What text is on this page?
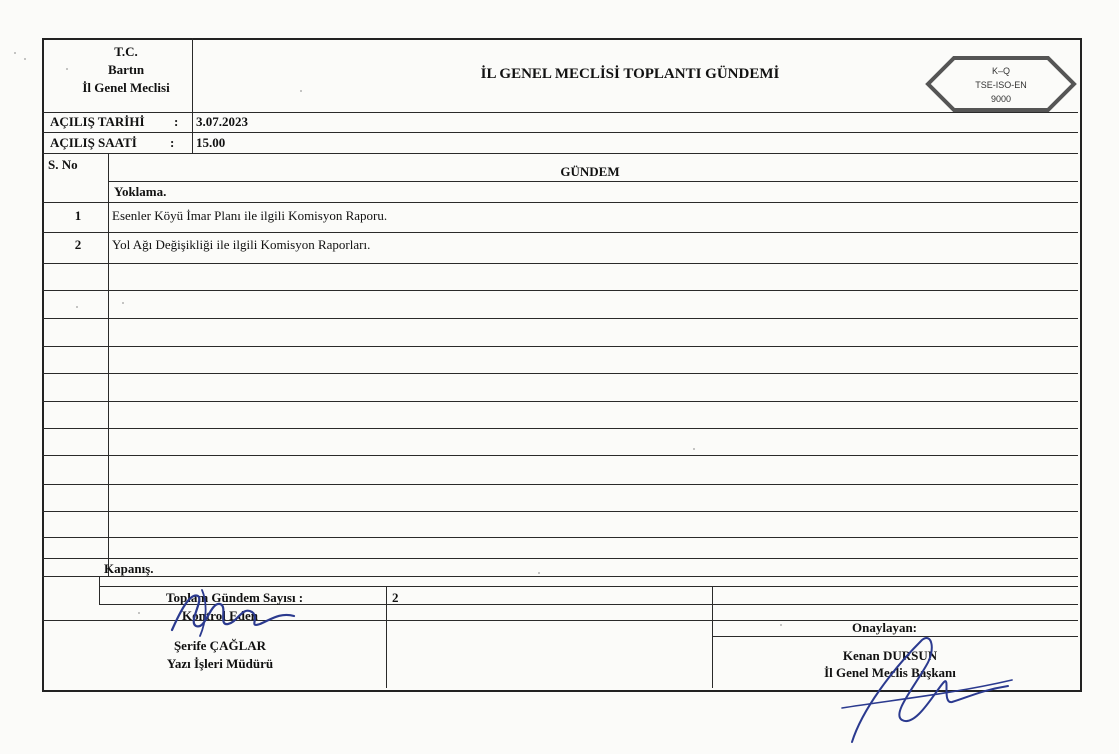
T.C.
Bartın
İl Genel Meclisi
İL GENEL MECLİSİ TOPLANTI GÜNDEMİ	K–Q
TSE-ISO-EN
9000
AÇILIŞ TARİHİ : 3.07.2023
AÇILIŞ SAATİ	: 15.00
S. No	GÜNDEM
Yoklama.
1	Esenler Köyü İmar Planı ile ilgili Komisyon Raporu.
2	Yol Ağı Değişikliği ile ilgili Komisyon Raporları.
Kapanış.
Toplam Gündem Sayısı :	2
Kontrol Eden
Şerife ÇAĞLAR
Yazı İşleri Müdürü
Onaylayan:
Kenan DURSUN
İl Genel Meclis Başkanı
